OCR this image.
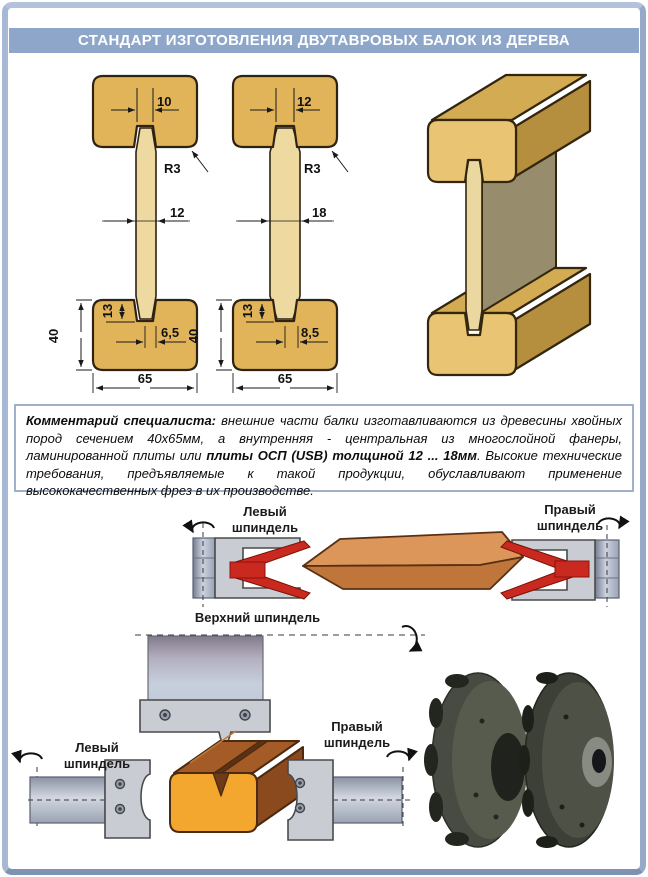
СТАНДАРТ ИЗГОТОВЛЕНИЯ ДВУТАВРОВЫХ БАЛОК ИЗ ДЕРЕВА
10
R3
12
13
6,5
40
65
12
R3
18
13
8,5
40
65
Комментарий специалиста: внешние части балки изготавливаются из древесины хвойных пород сечением 40х65мм, а внутренняя - центральная из многослойной фанеры, ламинированной плиты или плиты ОСП (USB) толщиной 12 ... 18мм. Высокие технические требования, предъявляемые к такой продукции, обуславливают применение высококачественных фрез в их производстве.
Левый шпиндель
Правый шпиндель
Верхний шпиндель
Левый шпиндель
Правый шпиндель
